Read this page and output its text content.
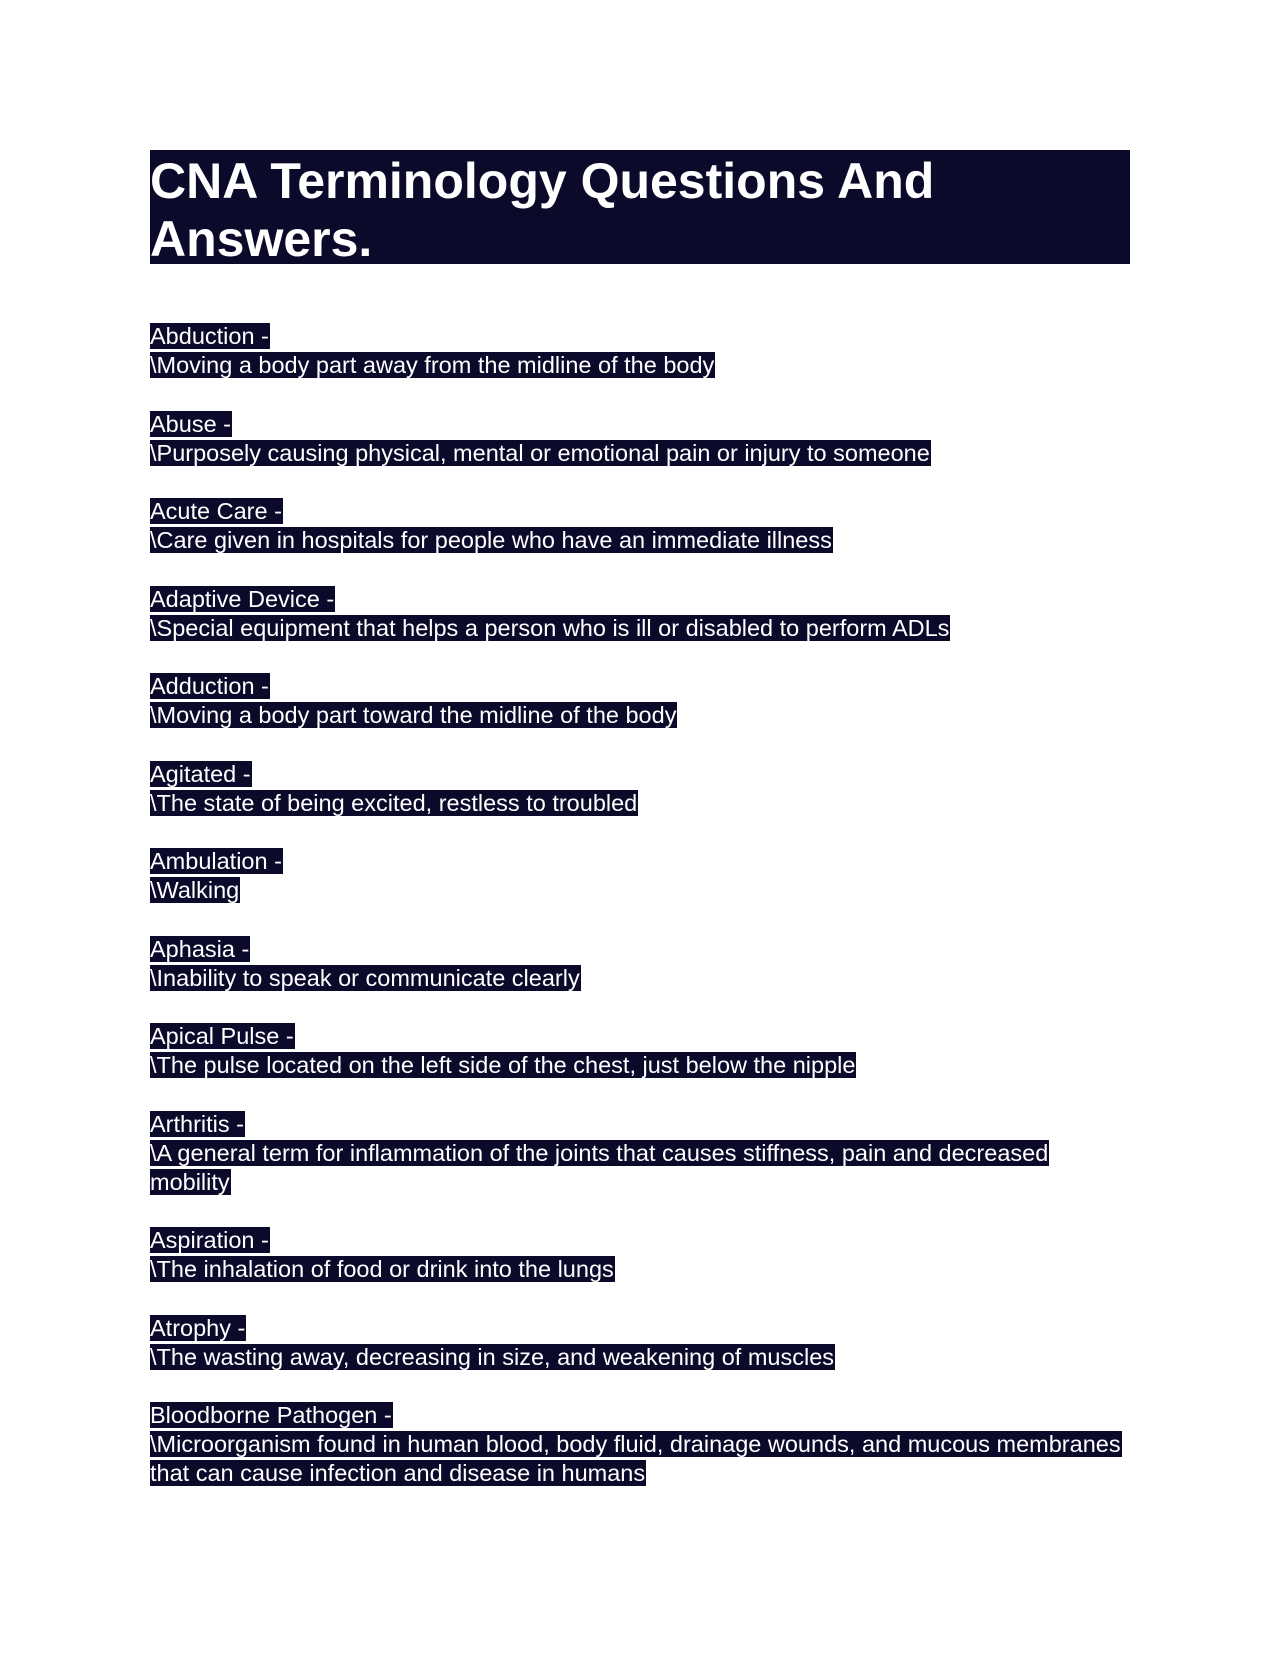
CNA Terminology Questions And Answers.
Abduction -
\Moving a body part away from the midline of the body
Abuse -
\Purposely causing physical, mental or emotional pain or injury to someone
Acute Care -
\Care given in hospitals for people who have an immediate illness
Adaptive Device -
\Special equipment that helps a person who is ill or disabled to perform ADLs
Adduction -
\Moving a body part toward the midline of the body
Agitated -
\The state of being excited, restless to troubled
Ambulation -
\Walking
Aphasia -
\Inability to speak or communicate clearly
Apical Pulse -
\The pulse located on the left side of the chest, just below the nipple
Arthritis -
\A general term for inflammation of the joints that causes stiffness, pain and decreased mobility
Aspiration -
\The inhalation of food or drink into the lungs
Atrophy -
\The wasting away, decreasing in size, and weakening of muscles
Bloodborne Pathogen -
\Microorganism found in human blood, body fluid, drainage wounds, and mucous membranes that can cause infection and disease in humans
